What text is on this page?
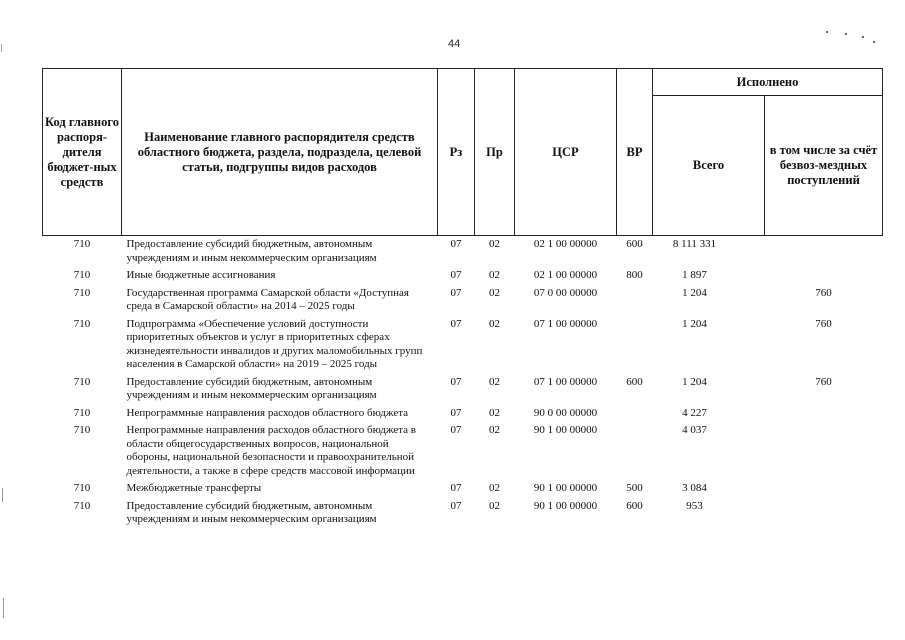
44
Код главного распоря-дителя бюджет-ных средств	Наименование главного распорядителя средств областного бюджета, раздела, подраздела, целевой статьи, подгруппы видов расходов	Рз	Пр	ЦСР	ВР	Исполнено	
						Всего	в том числе за счёт безвоз-мездных поступлений
710	Предоставление субсидий бюджетным, автономным учреждениям и иным некоммерческим организациям	07	02	02 1 00 00000	600	8 111 331	
710	Иные бюджетные ассигнования	07	02	02 1 00 00000	800	1 897	
710	Государственная программа Самарской области «Доступная среда в Самарской области» на 2014 – 2025 годы	07	02	07 0 00 00000		1 204	760
710	Подпрограмма «Обеспечение условий доступности приоритетных объектов и услуг в приоритетных сферах жизнедеятельности инвалидов и других маломобильных групп населения в Самарской области» на 2019 – 2025 годы	07	02	07 1 00 00000		1 204	760
710	Предоставление субсидий бюджетным, автономным учреждениям и иным некоммерческим организациям	07	02	07 1 00 00000	600	1 204	760
710	Непрограммные направления расходов областного бюджета	07	02	90 0 00 00000		4 227	
710	Непрограммные направления расходов областного бюджета в области общегосударственных вопросов, национальной обороны, национальной безопасности и правоохранительной деятельности, а также в сфере средств массовой информации	07	02	90 1 00 00000		4 037	
710	Межбюджетные трансферты	07	02	90 1 00 00000	500	3 084	
710	Предоставление субсидий бюджетным, автономным учреждениям и иным некоммерческим организациям	07	02	90 1 00 00000	600	953	
